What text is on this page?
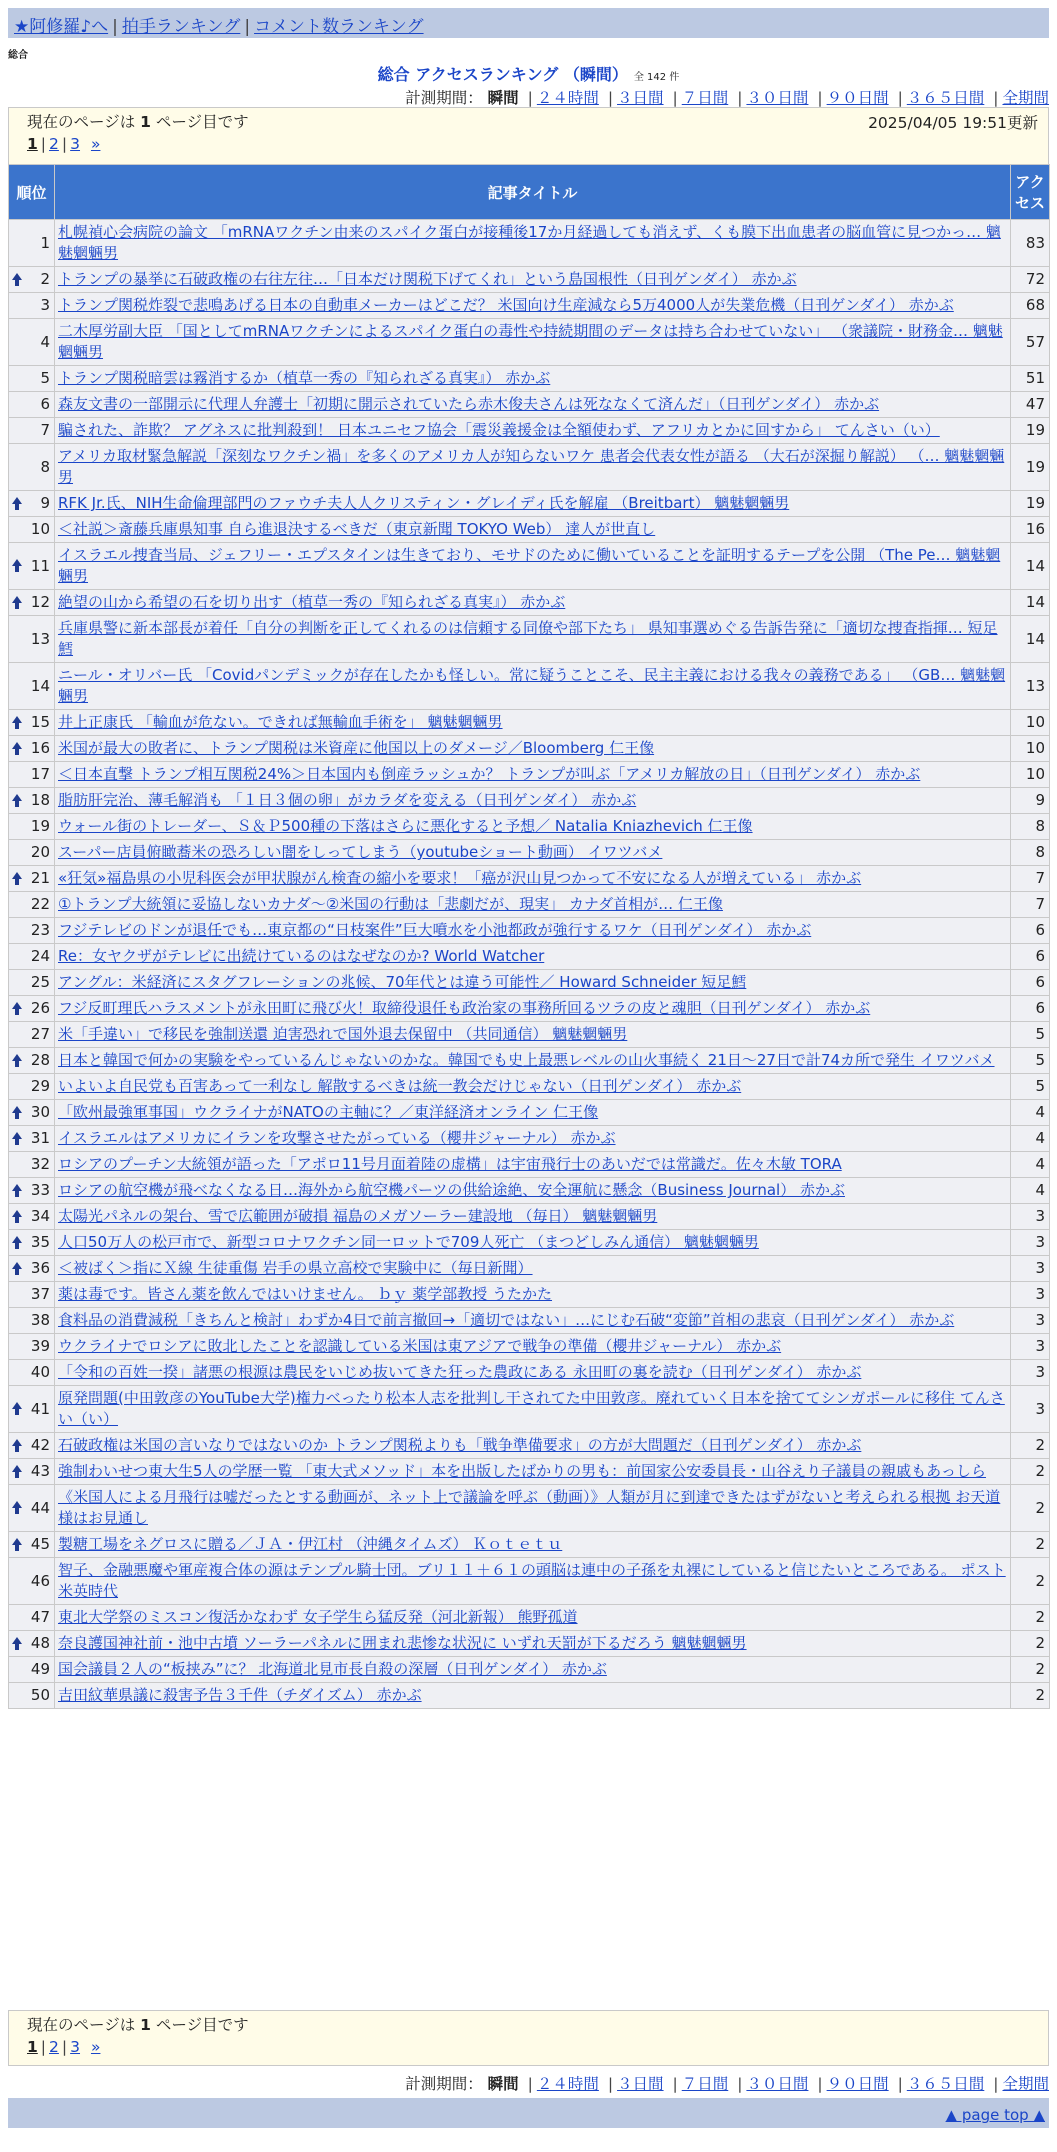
★阿修羅♪へ | 拍手ランキング | コメント数ランキング
総合
総合 アクセスランキング （瞬間） 全 142 件
計測期間： 瞬間 | ２４時間 | ３日間 | ７日間 | ３０日間 | ９０日間 | ３６５日間 | 全期間
現在のページは 1 ページ目です	2025/04/05 19:51更新
1 | 2 | 3 »
順位	記事タイトル	アクセス
1	札幌禎心会病院の論文 「mRNAワクチン由来のスパイク蛋白が接種後17か月経過しても消えず、くも膜下出血患者の脳血管に見つかっ… 魑魅魍魎男	83

2	トランプの暴挙に石破政権の右往左往…「日本だけ関税下げてくれ」という島国根性（日刊ゲンダイ） 赤かぶ	72
3	トランプ関税炸裂で悲鳴あげる日本の自動車メーカーはどこだ？ 米国向け生産減なら5万4000人が失業危機（日刊ゲンダイ） 赤かぶ	68
4	二木厚労副大臣 「国としてmRNAワクチンによるスパイク蛋白の毒性や持続期間のデータは持ち合わせていない」 （衆議院・財務金… 魑魅魍魎男	57
5	トランプ関税暗雲は霧消するか（植草一秀の『知られざる真実』） 赤かぶ	51
6	森友文書の一部開示に代理人弁護士「初期に開示されていたら赤木俊夫さんは死ななくて済んだ」（日刊ゲンダイ） 赤かぶ	47
7	騙された、詐欺？ アグネスに批判殺到！ 日本ユニセフ協会「震災義援金は全額使わず、アフリカとかに回すから」 てんさい（い）	19
8	アメリカ取材緊急解説「深刻なワクチン禍」を多くのアメリカ人が知らないワケ 患者会代表女性が語る （大石が深掘り解説） （… 魑魅魍魎男	19

9	RFK Jr.氏、NIH生命倫理部門のファウチ夫人人クリスティン・グレイディ氏を解雇 （Breitbart） 魑魅魍魎男	19
10	＜社説＞斎藤兵庫県知事 自ら進退決するべきだ（東京新聞 TOKYO Web） 達人が世直し	16

11	イスラエル捜査当局、ジェフリー・エプスタインは生きており、モサドのために働いていることを証明するテープを公開 （The Pe… 魑魅魍魎男	14

12	絶望の山から希望の石を切り出す（植草一秀の『知られざる真実』） 赤かぶ	14
13	兵庫県警に新本部長が着任「自分の判断を正してくれるのは信頼する同僚や部下たち」 県知事選めぐる告訴告発に「適切な捜査指揮… 短足鱈	14
14	ニール・オリバー氏 「Covidパンデミックが存在したかも怪しい。常に疑うことこそ、民主主義における我々の義務である」 （GB… 魑魅魍魎男	13

15	井上正康氏 「輸血が危ない。できれば無輸血手術を」 魑魅魍魎男	10

16	米国が最大の敗者に、トランプ関税は米資産に他国以上のダメージ／Bloomberg 仁王像	10
17	＜日本直撃 トランプ相互関税24%＞日本国内も倒産ラッシュか？ トランプが叫ぶ「アメリカ解放の日」（日刊ゲンダイ） 赤かぶ	10

18	脂肪肝完治、薄毛解消も 「１日３個の卵」がカラダを変える（日刊ゲンダイ） 赤かぶ	9
19	ウォール街のトレーダー、Ｓ＆Ｐ500種の下落はさらに悪化すると予想／ Natalia Kniazhevich 仁王像	8
20	スーパー店員俯瞰蕎米の恐ろしい闇をしってしまう（youtubeショート動画） イワツバメ	8

21	«狂気»福島県の小児科医会が甲状腺がん検査の縮小を要求！「癌が沢山見つかって不安になる人が増えている」 赤かぶ	7
22	①トランプ大統領に妥協しないカナダ～②米国の行動は「悲劇だが、現実」 カナダ首相が… 仁王像	7
23	フジテレビのドンが退任でも…東京都の“日枝案件”巨大噴水を小池都政が強行するワケ（日刊ゲンダイ） 赤かぶ	6
24	Re：女ヤクザがテレビに出続けているのはなぜなのか? World Watcher	6
25	アングル：米経済にスタグフレーションの兆候、70年代とは違う可能性／ Howard Schneider 短足鱈	6

26	フジ反町理氏ハラスメントが永田町に飛び火！取締役退任も政治家の事務所回るツラの皮と魂胆（日刊ゲンダイ） 赤かぶ	6
27	米「手違い」で移民を強制送還 迫害恐れで国外退去保留中 （共同通信） 魑魅魍魎男	5

28	日本と韓国で何かの実験をやっているんじゃないのかな。韓国でも史上最悪レベルの山火事続く 21日～27日で計74カ所で発生 イワツバメ	5
29	いよいよ自民党も百害あって一利なし 解散するべきは統一教会だけじゃない（日刊ゲンダイ） 赤かぶ	5

30	「欧州最強軍事国」ウクライナがNATOの主軸に？／東洋経済オンライン 仁王像	4

31	イスラエルはアメリカにイランを攻撃させたがっている（櫻井ジャーナル） 赤かぶ	4
32	ロシアのプーチン大統領が語った「アポロ11号月面着陸の虚構」は宇宙飛行士のあいだでは常識だ。佐々木敏 TORA	4

33	ロシアの航空機が飛べなくなる日…海外から航空機パーツの供給途絶、安全運航に懸念（Business Journal） 赤かぶ	4

34	太陽光パネルの架台、雪で広範囲が破損 福島のメガソーラー建設地 （毎日） 魑魅魍魎男	3

35	人口50万人の松戸市で、新型コロナワクチン同一ロットで709人死亡 （まつどしみん通信） 魑魅魍魎男	3

36	＜被ばく＞指にＸ線 生徒重傷 岩手の県立高校で実験中に（毎日新聞）	3
37	薬は毒です。皆さん薬を飲んではいけません。 ｂｙ 薬学部教授 うたかた	3
38	食料品の消費減税「きちんと検討」わずか4日で前言撤回→「適切ではない」…にじむ石破“変節”首相の悲哀（日刊ゲンダイ） 赤かぶ	3
39	ウクライナでロシアに敗北したことを認識している米国は東アジアで戦争の準備（櫻井ジャーナル） 赤かぶ	3
40	「令和の百姓一揆」諸悪の根源は農民をいじめ抜いてきた狂った農政にある 永田町の裏を読む（日刊ゲンダイ） 赤かぶ	3

41	原発問題(中田敦彦のYouTube大学)権力べったり松本人志を批判し干されてた中田敦彦。廃れていく日本を捨ててシンガポールに移住 てんさい（い）	3

42	石破政権は米国の言いなりではないのか トランプ関税よりも「戦争準備要求」の方が大問題だ（日刊ゲンダイ） 赤かぶ	2

43	強制わいせつ東大生5人の学歴一覧 「東大式メソッド」本を出版したばかりの男も：前国家公安委員長・山谷えり子議員の親戚もあっしら	2

44	《米国人による月飛行は嘘だったとする動画が、ネット上で議論を呼ぶ（動画）》人類が月に到達できたはずがないと考えられる根拠 お天道様はお見通し	2

45	製糖工場をネグロスに贈る／ＪＡ・伊江村 （沖縄タイムズ） Ｋｏｔｅｔｕ	2
46	智子、金融悪魔や軍産複合体の源はテンプル騎士団。ブリ１１＋６１の頭脳は連中の子孫を丸裸にしていると信じたいところである。 ポスト米英時代	2
47	東北大学祭のミスコン復活かなわず 女子学生ら猛反発（河北新報） 熊野孤道	2

48	奈良護国神社前・池中古墳 ソーラーパネルに囲まれ悲惨な状況に いずれ天罰が下るだろう 魑魅魍魎男	2
49	国会議員２人の“板挟み”に？ 北海道北見市長自殺の深層（日刊ゲンダイ） 赤かぶ	2
50	吉田紋華県議に殺害予告３千件（チダイズム） 赤かぶ	2
現在のページは 1 ページ目です
1 | 2 | 3 »
計測期間： 瞬間 | ２４時間 | ３日間 | ７日間 | ３０日間 | ９０日間 | ３６５日間 | 全期間
▲ page top ▲
